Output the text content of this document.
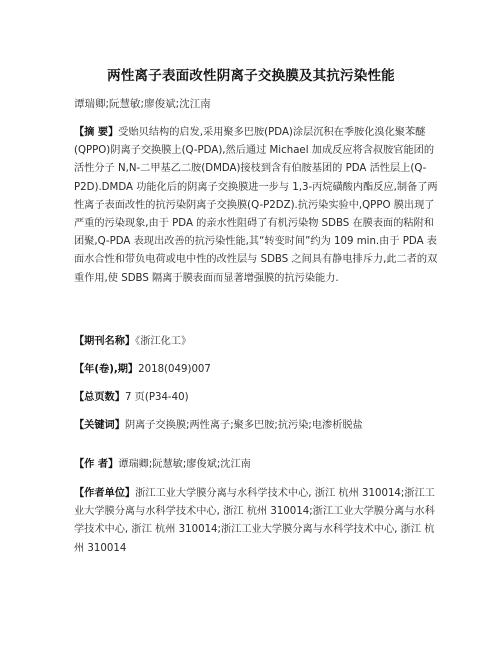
两性离子表面改性阴离子交换膜及其抗污染性能
谭瑞卿;阮慧敏;廖俊斌;沈江南
【摘 要】受贻贝结构的启发,采用聚多巴胺(PDA)涂层沉积在季胺化溴化聚苯醚(QPPO)阴离子交换膜上(Q-PDA),然后通过 Michael 加成反应将含叔胺官能团的活性分子 N,N-二甲基乙二胺(DMDA)接枝到含有伯胺基团的 PDA 活性层上(Q-P2D).DMDA 功能化后的阴离子交换膜进一步与 1,3-丙烷磺酸内酯反应,制备了两性离子表面改性的抗污染阴离子交换膜(Q-P2DZ).抗污染实验中,QPPO 膜出现了严重的污染现象,由于 PDA 的亲水性阻碍了有机污染物 SDBS 在膜表面的粘附和团聚,Q-PDA 表现出改善的抗污染性能,其“转变时间”约为 109 min.由于 PDA 表面水合性和带负电荷或电中性的改性层与 SDBS 之间具有静电排斥力,此二者的双重作用,使 SDBS 隔离于膜表面而显著增强膜的抗污染能力.
【期刊名称】《浙江化工》
【年(卷),期】2018(049)007
【总页数】7 页(P34-40)
【关键词】阴离子交换膜;两性离子;聚多巴胺;抗污染;电渗析脱盐
【作 者】谭瑞卿;阮慧敏;廖俊斌;沈江南
【作者单位】浙江工业大学膜分离与水科学技术中心, 浙江 杭州 310014;浙江工业大学膜分离与水科学技术中心, 浙江 杭州 310014;浙江工业大学膜分离与水科学技术中心, 浙江 杭州 310014;浙江工业大学膜分离与水科学技术中心, 浙江 杭州 310014
